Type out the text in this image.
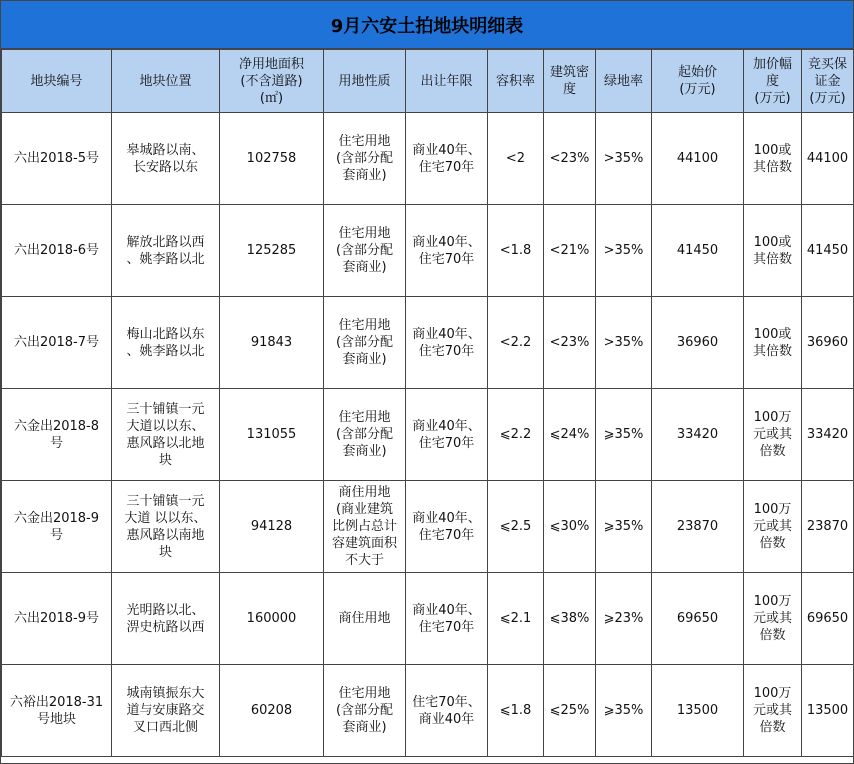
9月六安土拍地块明细表
地块编号	地块位置	净用地面积
(不含道路)
(㎡)	用地性质	出让年限	容积率	建筑密
度	绿地率	起始价
(万元)	加价幅
度
(万元)	竞买保
证金
(万元)
六出2018-5号	皋城路以南、
长安路以东	102758	住宅用地
(含部分配
套商业)	商业40年、
住宅70年	<2	<23%	>35%	44100	100或
其倍数	44100
六出2018-6号	解放北路以西
、姚李路以北	125285	住宅用地
(含部分配
套商业)	商业40年、
住宅70年	<1.8	<21%	>35%	41450	100或
其倍数	41450
六出2018-7号	梅山北路以东
、姚李路以北	91843	住宅用地
(含部分配
套商业)	商业40年、
住宅70年	<2.2	<23%	>35%	36960	100或
其倍数	36960
六金出2018-8
号	三十铺镇一元
大道以以东、
惠风路以北地
块	131055	住宅用地
(含部分配
套商业)	商业40年、
住宅70年	⩽2.2	⩽24%	⩾35%	33420	100万
元或其
倍数	33420
六金出2018-9
号	三十铺镇一元
大道 以以东、
惠风路以南地
块	94128	商住用地
(商业建筑
比例占总计
容建筑面积
不大于	商业40年、
住宅70年	⩽2.5	⩽30%	⩾35%	23870	100万
元或其
倍数	23870
六出2018-9号	光明路以北、
淠史杭路以西	160000	商住用地	商业40年、
住宅70年	⩽2.1	⩽38%	⩾23%	69650	100万
元或其
倍数	69650
六裕出2018-31
号地块	城南镇振东大
道与安康路交
叉口西北侧	60208	住宅用地
(含部分配
套商业)	住宅70年、
商业40年	⩽1.8	⩽25%	⩾35%	13500	100万
元或其
倍数	13500
